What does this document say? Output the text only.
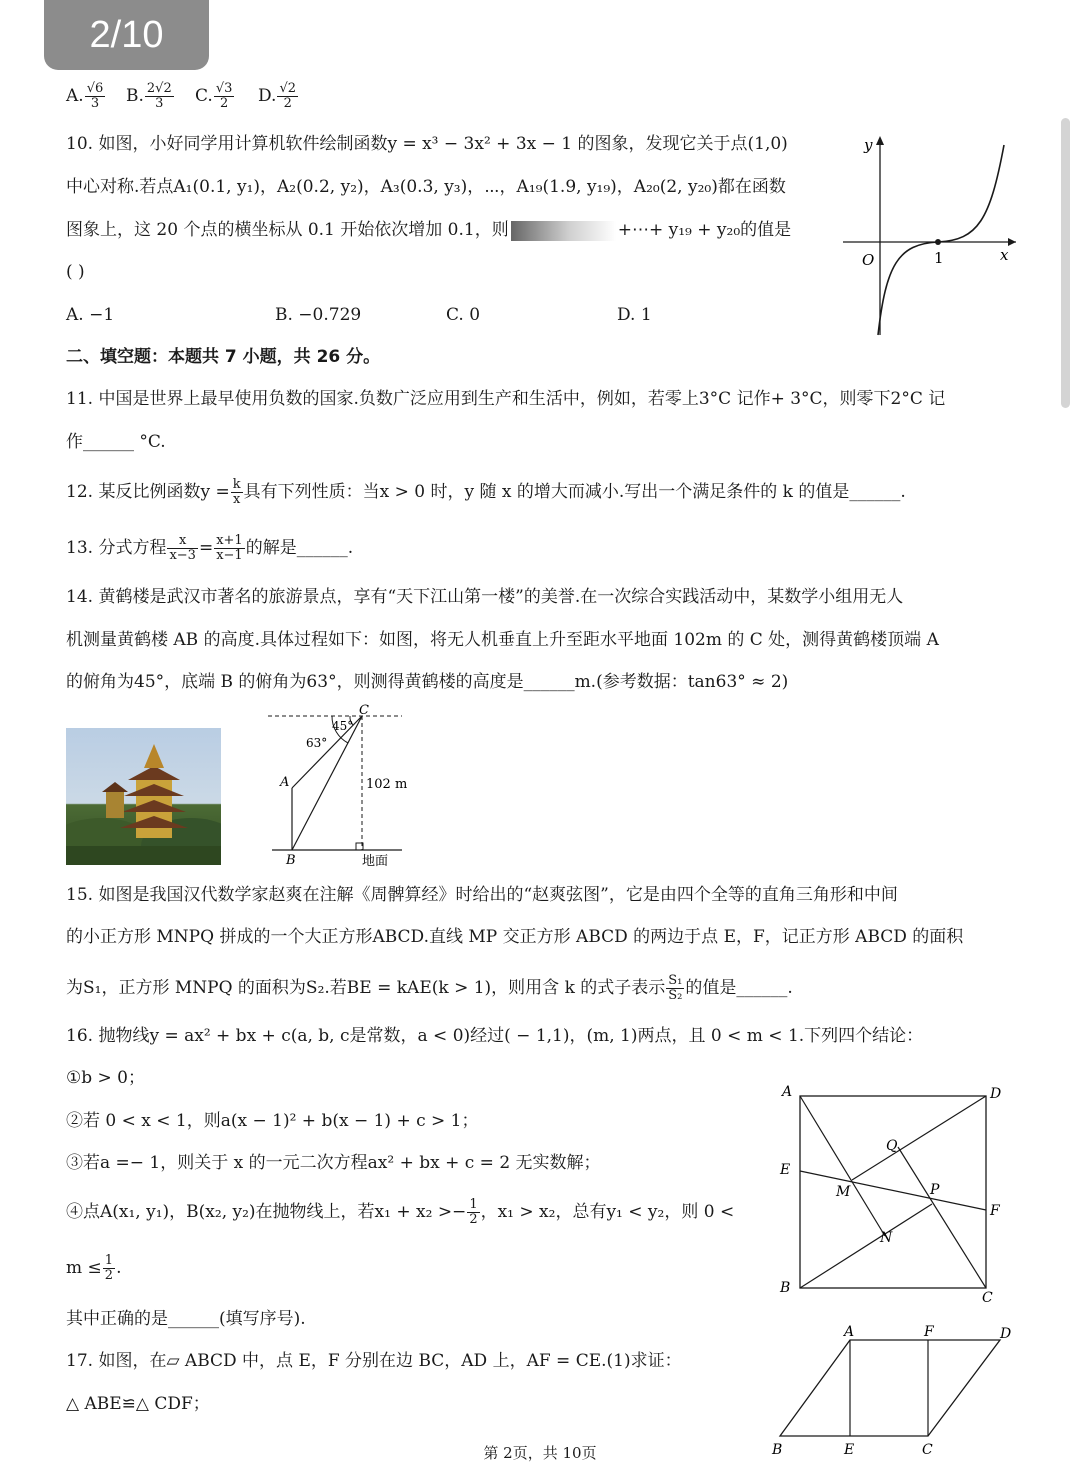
2/10
A. $\frac{√6}{3} B$. $\frac{2√2}{3} C$. $\frac{√3}{2} D$. $\frac{√2}{2}$
10. 如图，小好同学用计算机软件绘制函数y = x³ − 3x² + 3x − 1 的图象，发现它关于点(1,0)
中心对称.若点A₁(0.1, y₁)，A₂(0.2, y₂)，A₃(0.3, y₃)，⋯，A₁₉(1.9, y₁₉)，A₂₀(2, y₂₀)都在函数
图象上，这 20 个点的横坐标从 0.1 开始依次增加 0.1，则	+⋯+ y₁₉ + y₂₀的值是
( )
A. −1	B. −0.729	C. 0	D. 1
y
x
O	1
二、填空题：本题共 7 小题，共 26 分。
11. 中国是世界上最早使用负数的国家.负数广泛应用到生产和生活中，例如，若零上3°C 记作+ 3°C，则零下2°C 记
作______ °C.
12. 某反比例函数$y = \frac{k}{x}$ 具有下列性质：当x > 0 时，y 随 x 的增大而减小.写出一个满足条件的 k 的值是______.
13. 分式方程 $\frac{x}{x-3} = \frac{x+1}{x-1}$ 的解是______.
14. 黄鹤楼是武汉市著名的旅游景点，享有“天下江山第一楼”的美誉.在一次综合实践活动中，某数学小组用无人
机测量黄鹤楼 AB 的高度.具体过程如下：如图，将无人机垂直上升至距水平地面 102m 的 C 处，测得黄鹤楼顶端 A
的俯角为45°，底端 B 的俯角为63°，则测得黄鹤楼的高度是______m.(参考数据：tan63° ≈ 2)
C
A
B
45°
63°
102 m
地面
15. 如图是我国汉代数学家赵爽在注解《周髀算经》时给出的“赵爽弦图”，它是由四个全等的直角三角形和中间
的小正方形 MNPQ 拼成的一个大正方形ABCD.直线 MP 交正方形 ABCD 的两边于点 E，F，记正方形 ABCD 的面积
为S₁，正方形 MNPQ 的面积为S₂.若BE = kAE(k > 1)，则用含 k 的式子表示 $\frac{\text{S₁}}{\text{S₂}}$ 的值是______.
16. 抛物线y = ax² + bx + c(a, b, c是常数，a < 0)经过( − 1,1)，(m, 1)两点，且 0 < m < 1.下列四个结论：
①b > 0；
②若 0 < x < 1，则a(x − 1)² + b(x − 1) + c > 1；
③若a =− 1，则关于 x 的一元二次方程ax² + bx + c = 2 无实数解；
④点A(x₁, y₁)，B(x₂, y₂)在抛物线上，若$x_1 + x_2 >- \frac{1}{2}$ ，x₁ > x₂，总有y₁ < y₂，则 0 <
$m \le \frac{1}{2}$ .
其中正确的是______(填写序号).
A	D
E
Q
M	P
F
N
B
C
17. 如图，在▱ ABCD 中，点 E，F 分别在边 BC，AD 上，AF = CE.(1)求证：
△ ABE≌△ CDF；
A	F	D
B	E	C
第 2页，共 10页
